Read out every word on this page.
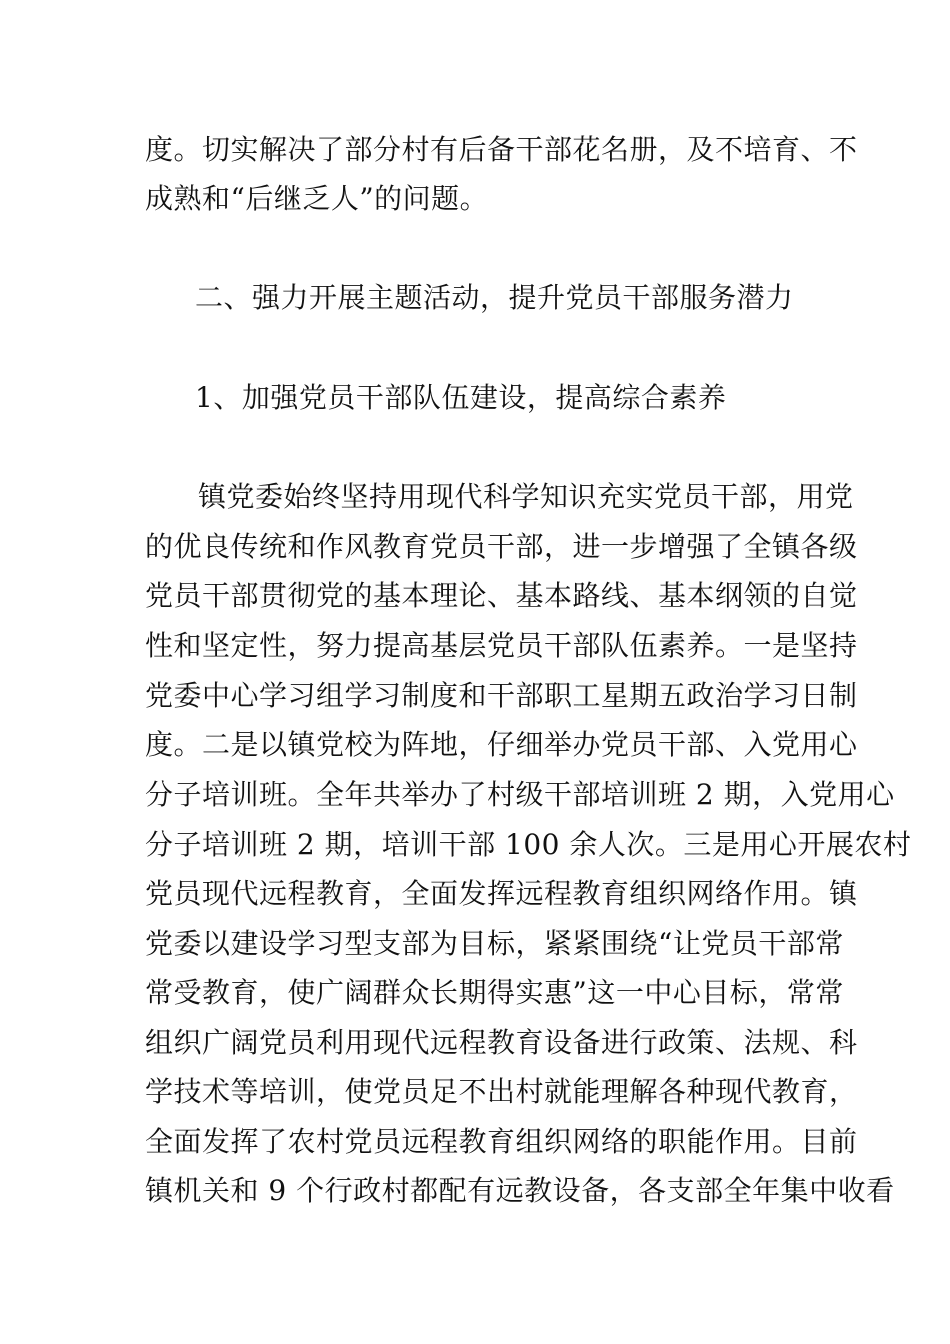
度。切实解决了部分村有后备干部花名册，及不培育、不
成熟和“后继乏人”的问题。
二、强力开展主题活动，提升党员干部服务潜力
1、加强党员干部队伍建设，提高综合素养
镇党委始终坚持用现代科学知识充实党员干部，用党
的优良传统和作风教育党员干部，进一步增强了全镇各级
党员干部贯彻党的基本理论、基本路线、基本纲领的自觉
性和坚定性，努力提高基层党员干部队伍素养。一是坚持
党委中心学习组学习制度和干部职工星期五政治学习日制
度。二是以镇党校为阵地，仔细举办党员干部、入党用心
分子培训班。全年共举办了村级干部培训班 2 期，入党用心
分子培训班 2 期，培训干部 100 余人次。三是用心开展农村
党员现代远程教育，全面发挥远程教育组织网络作用。镇
党委以建设学习型支部为目标，紧紧围绕“让党员干部常
常受教育，使广阔群众长期得实惠”这一中心目标，常常
组织广阔党员利用现代远程教育设备进行政策、法规、科
学技术等培训，使党员足不出村就能理解各种现代教育，
全面发挥了农村党员远程教育组织网络的职能作用。目前
镇机关和 9 个行政村都配有远教设备，各支部全年集中收看
